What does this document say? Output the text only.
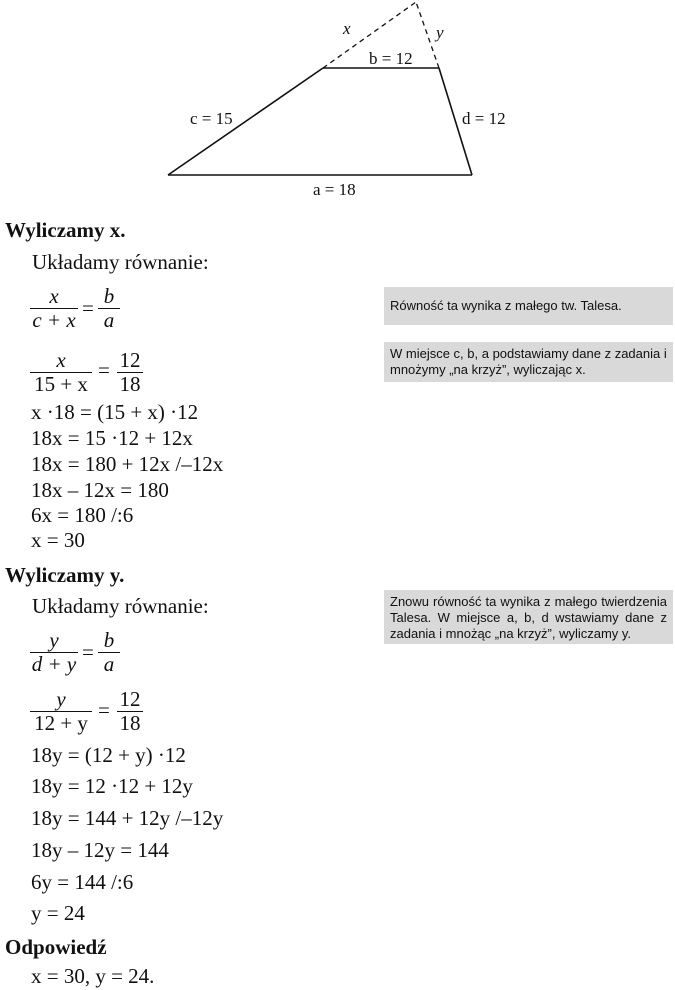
x	y
b = 12
c = 15	d = 12
a = 18
Wyliczamy x.
Układamy równanie:
x
c + x = b
a
x
15 + x
= 12
18
x ·18 = (15 + x) ·12
18x = 15 ·12 + 12x
18x = 180 + 12x /–12x
18x – 12x = 180
6x = 180 /:6
x = 30
Równość ta wynika z małego tw. Talesa.
W miejsce c, b, a podstawiamy dane z zadania i mnożymy „na krzyż”, wyliczając x.
Wyliczamy y.
Układamy równanie:
y
d + y = b
a
y
12 + y
= 12
18
18y = (12 + y) ·12
18y = 12 ·12 + 12y
18y = 144 + 12y /–12y
18y – 12y = 144
6y = 144 /:6
y = 24
Znowu równość ta wynika z małego twierdzenia Talesa. W miejsce a, b, d wstawiamy dane z zadania i mnożąc „na krzyż”, wyliczamy y.
Odpowiedź
x = 30, y = 24.
